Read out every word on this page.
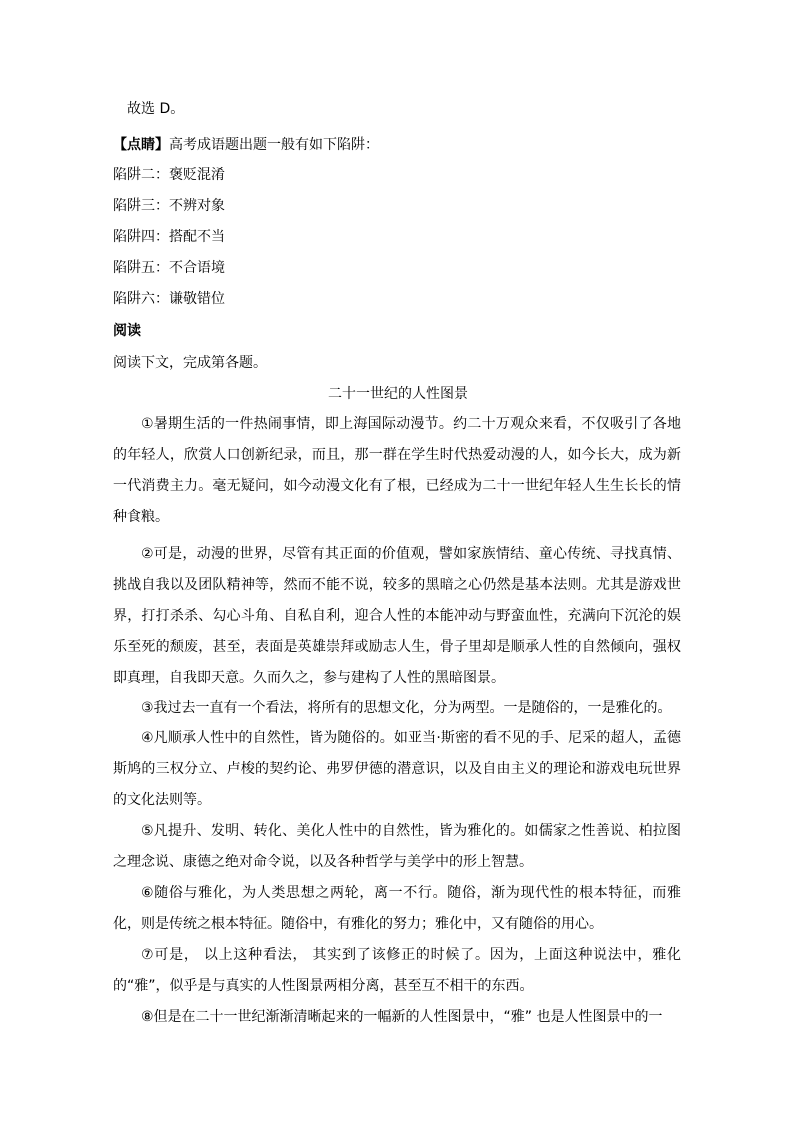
故选 D。
【点睛】高考成语题出题一般有如下陷阱：
陷阱二：褒贬混淆
陷阱三：不辨对象
陷阱四：搭配不当
陷阱五：不合语境
陷阱六：谦敬错位
阅读
阅读下文，完成第各题。
二十一世纪的人性图景
①暑期生活的一件热闹事情，即上海国际动漫节。约二十万观众来看，不仅吸引了各地的年轻人，欣赏人口创新纪录，而且，那一群在学生时代热爱动漫的人，如今长大，成为新一代消费主力。毫无疑问，如今动漫文化有了根，已经成为二十一世纪年轻人生生长长的情种食粮。
②可是，动漫的世界，尽管有其正面的价值观，譬如家族情结、童心传统、寻找真情、挑战自我以及团队精神等，然而不能不说，较多的黑暗之心仍然是基本法则。尤其是游戏世界，打打杀杀、勾心斗角、自私自利，迎合人性的本能冲动与野蛮血性，充满向下沉沦的娱乐至死的颓废，甚至，表面是英雄崇拜或励志人生，骨子里却是顺承人性的自然倾向，强权即真理，自我即天意。久而久之，参与建构了人性的黑暗图景。
③我过去一直有一个看法，将所有的思想文化，分为两型。一是随俗的，一是雅化的。
④凡顺承人性中的自然性，皆为随俗的。如亚当·斯密的看不见的手、尼采的超人，孟德斯鸠的三权分立、卢梭的契约论、弗罗伊德的潜意识，以及自由主义的理论和游戏电玩世界的文化法则等。
⑤凡提升、发明、转化、美化人性中的自然性，皆为雅化的。如儒家之性善说、柏拉图之理念说、康德之绝对命令说，以及各种哲学与美学中的形上智慧。
⑥随俗与雅化，为人类思想之两轮，离一不行。随俗，渐为现代性的根本特征，而雅化，则是传统之根本特征。随俗中，有雅化的努力；雅化中，又有随俗的用心。
⑦可是， 以上这种看法， 其实到了该修正的时候了。因为，上面这种说法中，雅化的“雅”，似乎是与真实的人性图景两相分离，甚至互不相干的东西。
⑧但是在二十一世纪渐渐清晰起来的一幅新的人性图景中，“雅” 也是人性图景中的一
